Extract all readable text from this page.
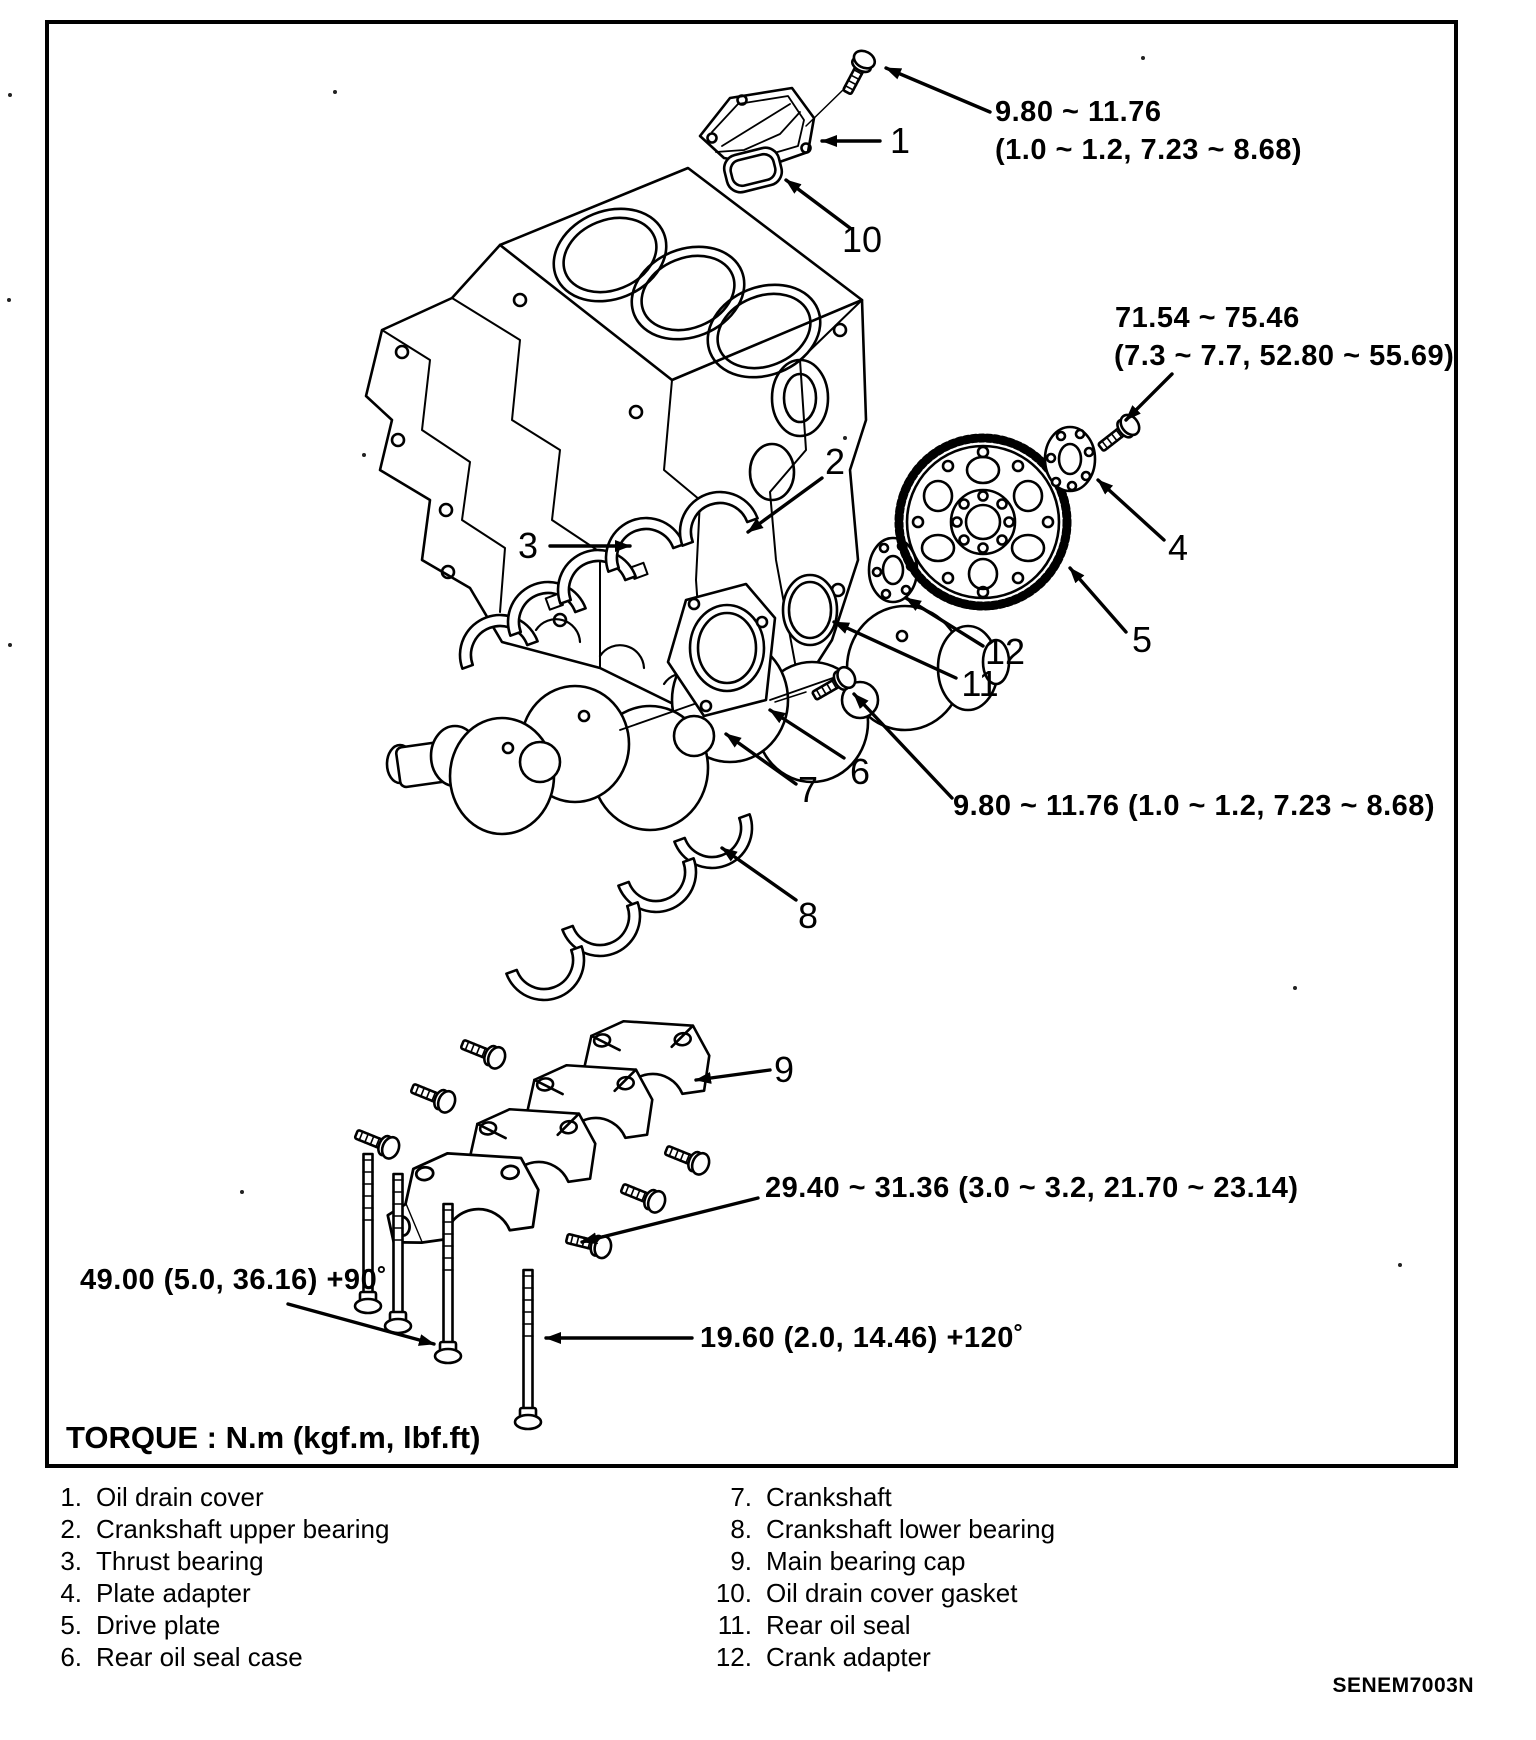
9.80 ~ 11.76
(1.0 ~ 1.2, 7.23 ~ 8.68)
71.54 ~ 75.46
(7.3 ~ 7.7, 52.80 ~ 55.69)
9.80 ~ 11.76 (1.0 ~ 1.2, 7.23 ~ 8.68)
29.40 ~ 31.36 (3.0 ~ 3.2, 21.70 ~ 23.14)
49.00 (5.0, 36.16) +90˚
19.60 (2.0, 14.46) +120˚
1
2
3	4
5
6
7
8
9
10
11
12
TORQUE : N.m (kgf.m, lbf.ft)
1. Oil drain cover
2. Crankshaft upper bearing
3. Thrust bearing
4. Plate adapter
5. Drive plate
6. Rear oil seal case
7. Crankshaft
8. Crankshaft lower bearing
9. Main bearing cap
10. Oil drain cover gasket
11. Rear oil seal
12. Crank adapter
SENEM7003N
